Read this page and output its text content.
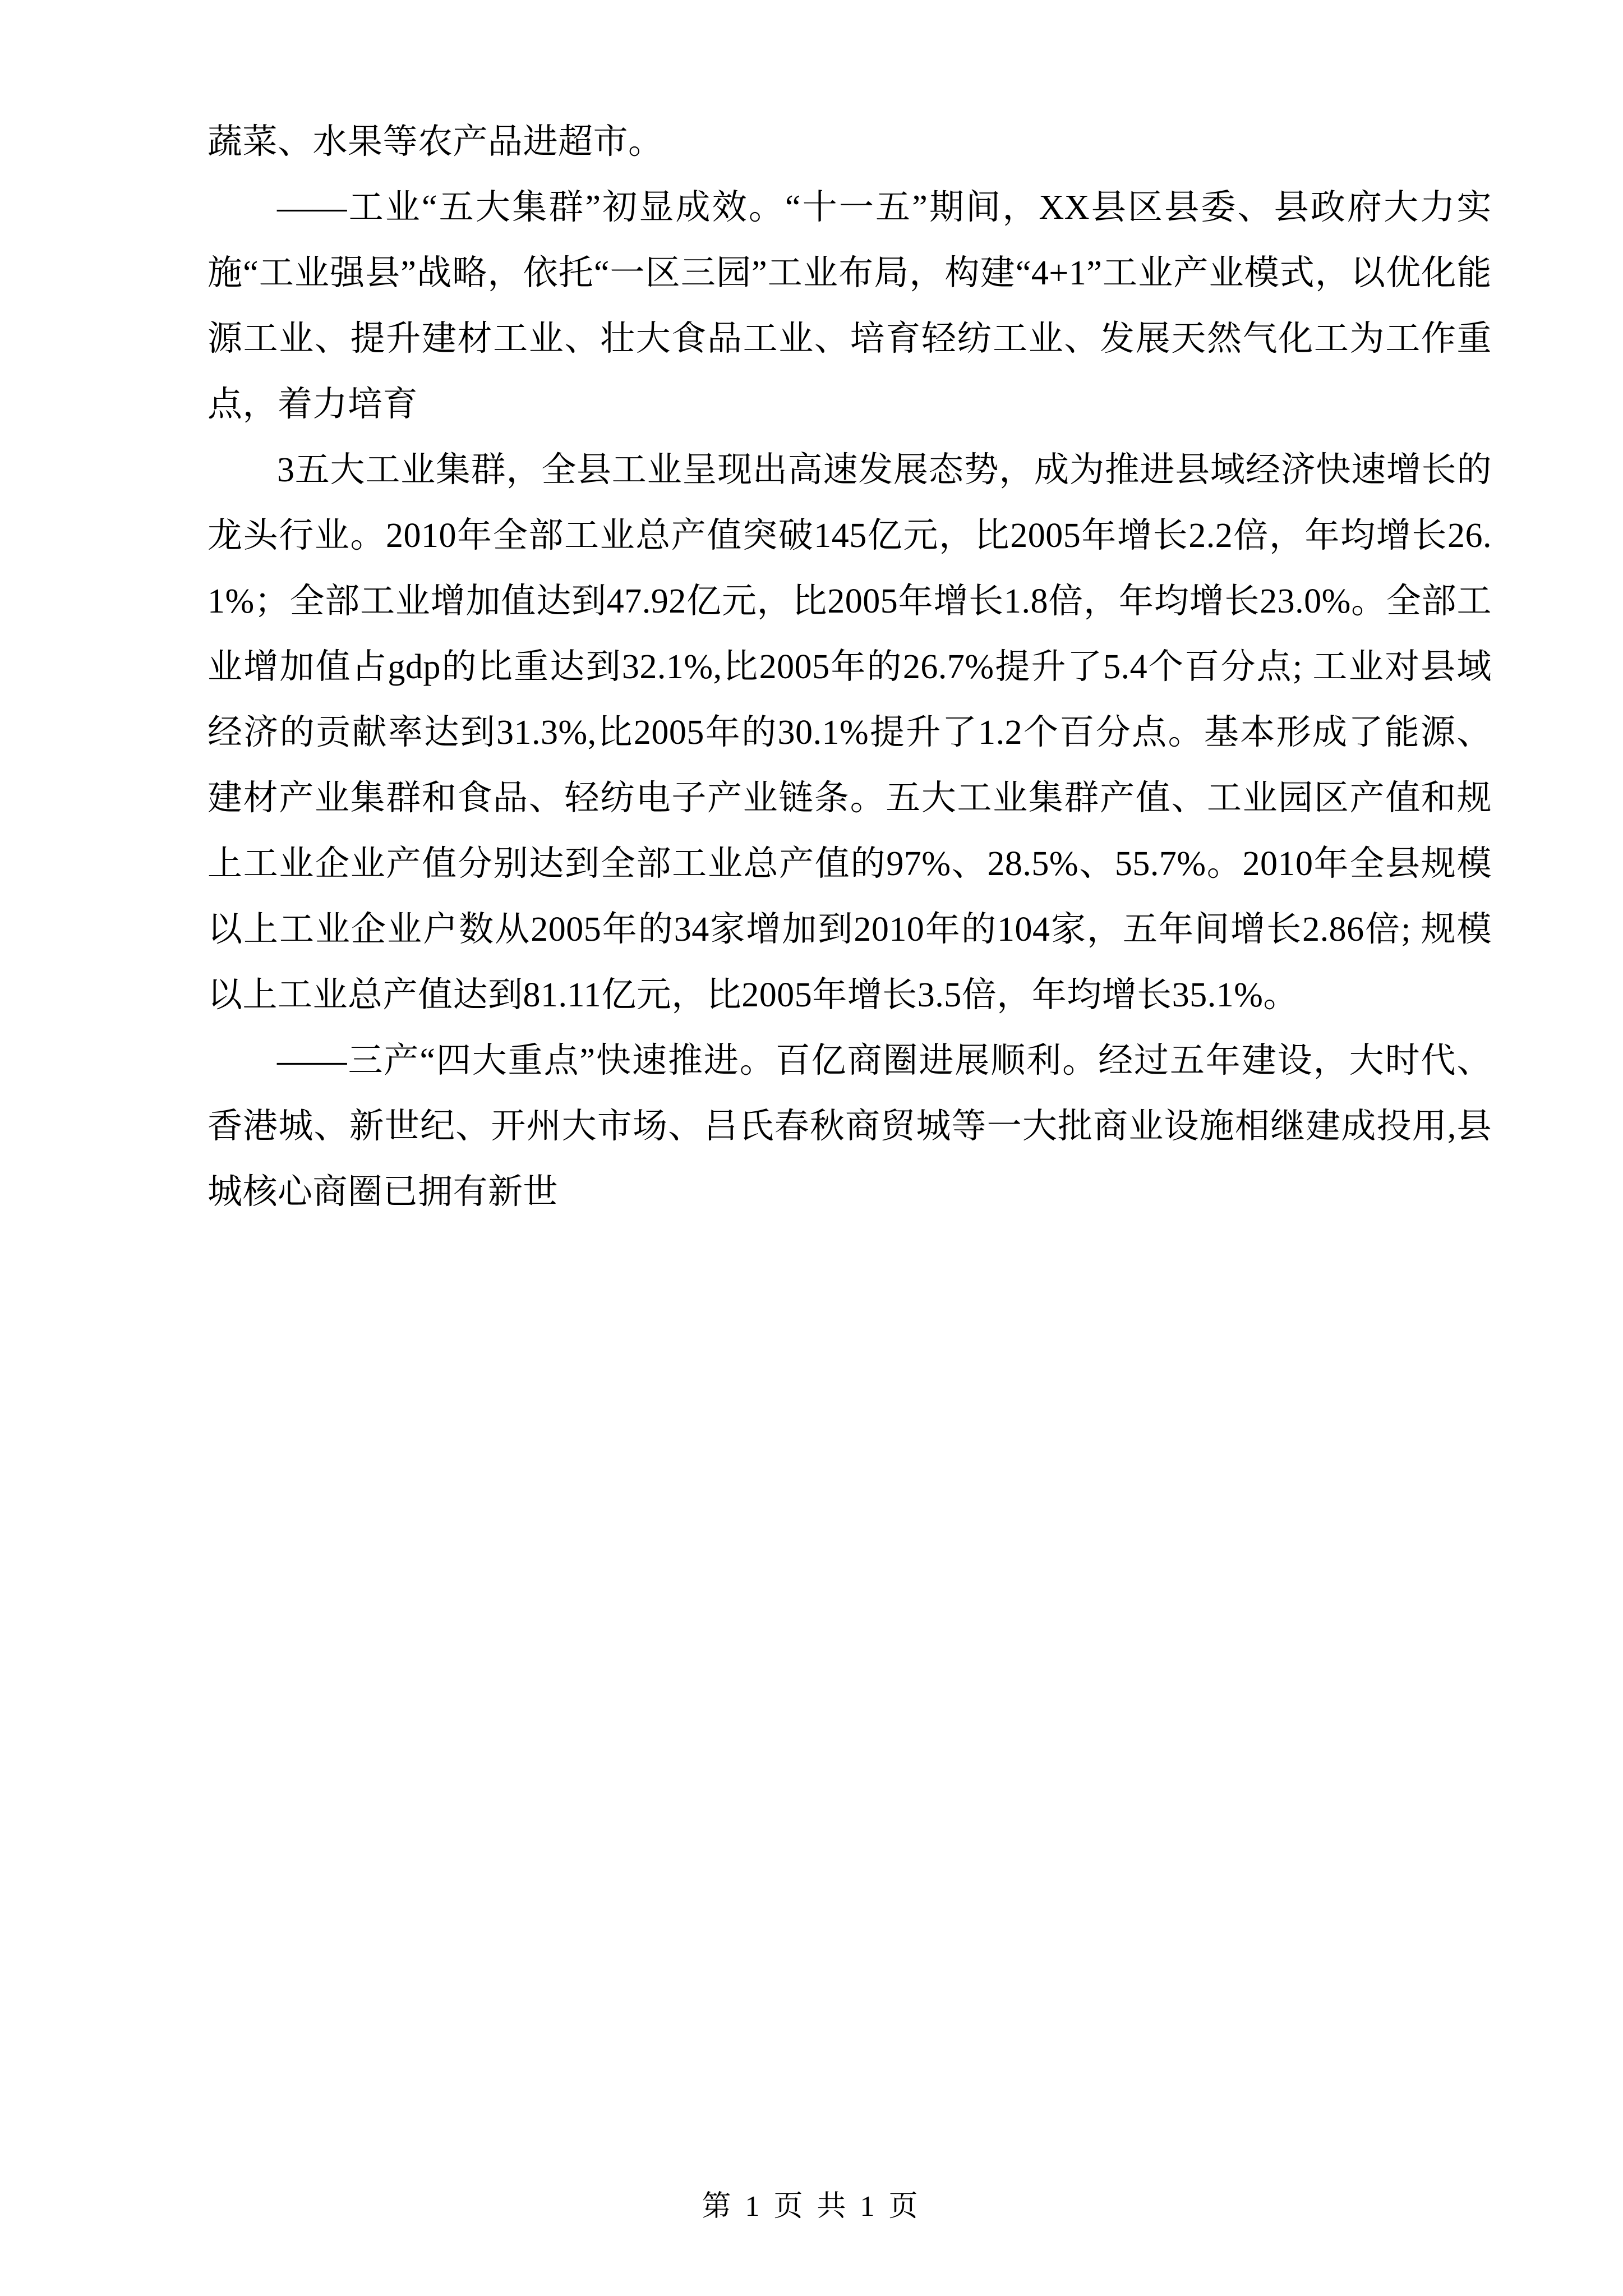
蔬菜、水果等农产品进超市。

——工业“五大集群”初显成效。“十一五”期间，XX县区县委、县政府大力实施“工业强县”战略，依托“一区三园”工业布局，构建“4+1”工业产业模式，以优化能源工业、提升建材工业、壮大食品工业、培育轻纺工业、发展天然气化工为工作重点，着力培育

3五大工业集群，全县工业呈现出高速发展态势，成为推进县域经济快速增长的龙头行业。2010年全部工业总产值突破145亿元，比2005年增长2.2倍，年均增长26.1%；全部工业增加值达到47.92亿元，比2005年增长1.8倍，年均增长23.0%。全部工业增加值占gdp的比重达到32.1%,比2005年的26.7%提升了5.4个百分点; 工业对县域经济的贡献率达到31.3%,比2005年的30.1%提升了1.2个百分点。基本形成了能源、建材产业集群和食品、轻纺电子产业链条。五大工业集群产值、工业园区产值和规上工业企业产值分别达到全部工业总产值的97%、28.5%、55.7%。2010年全县规模以上工业企业户数从2005年的34家增加到2010年的104家，五年间增长2.86倍; 规模以上工业总产值达到81.11亿元，比2005年增长3.5倍，年均增长35.1%。

——三产“四大重点”快速推进。百亿商圈进展顺利。经过五年建设，大时代、香港城、新世纪、开州大市场、吕氏春秋商贸城等一大批商业设施相继建成投用,县城核心商圈已拥有新世

第 1 页 共 1 页
